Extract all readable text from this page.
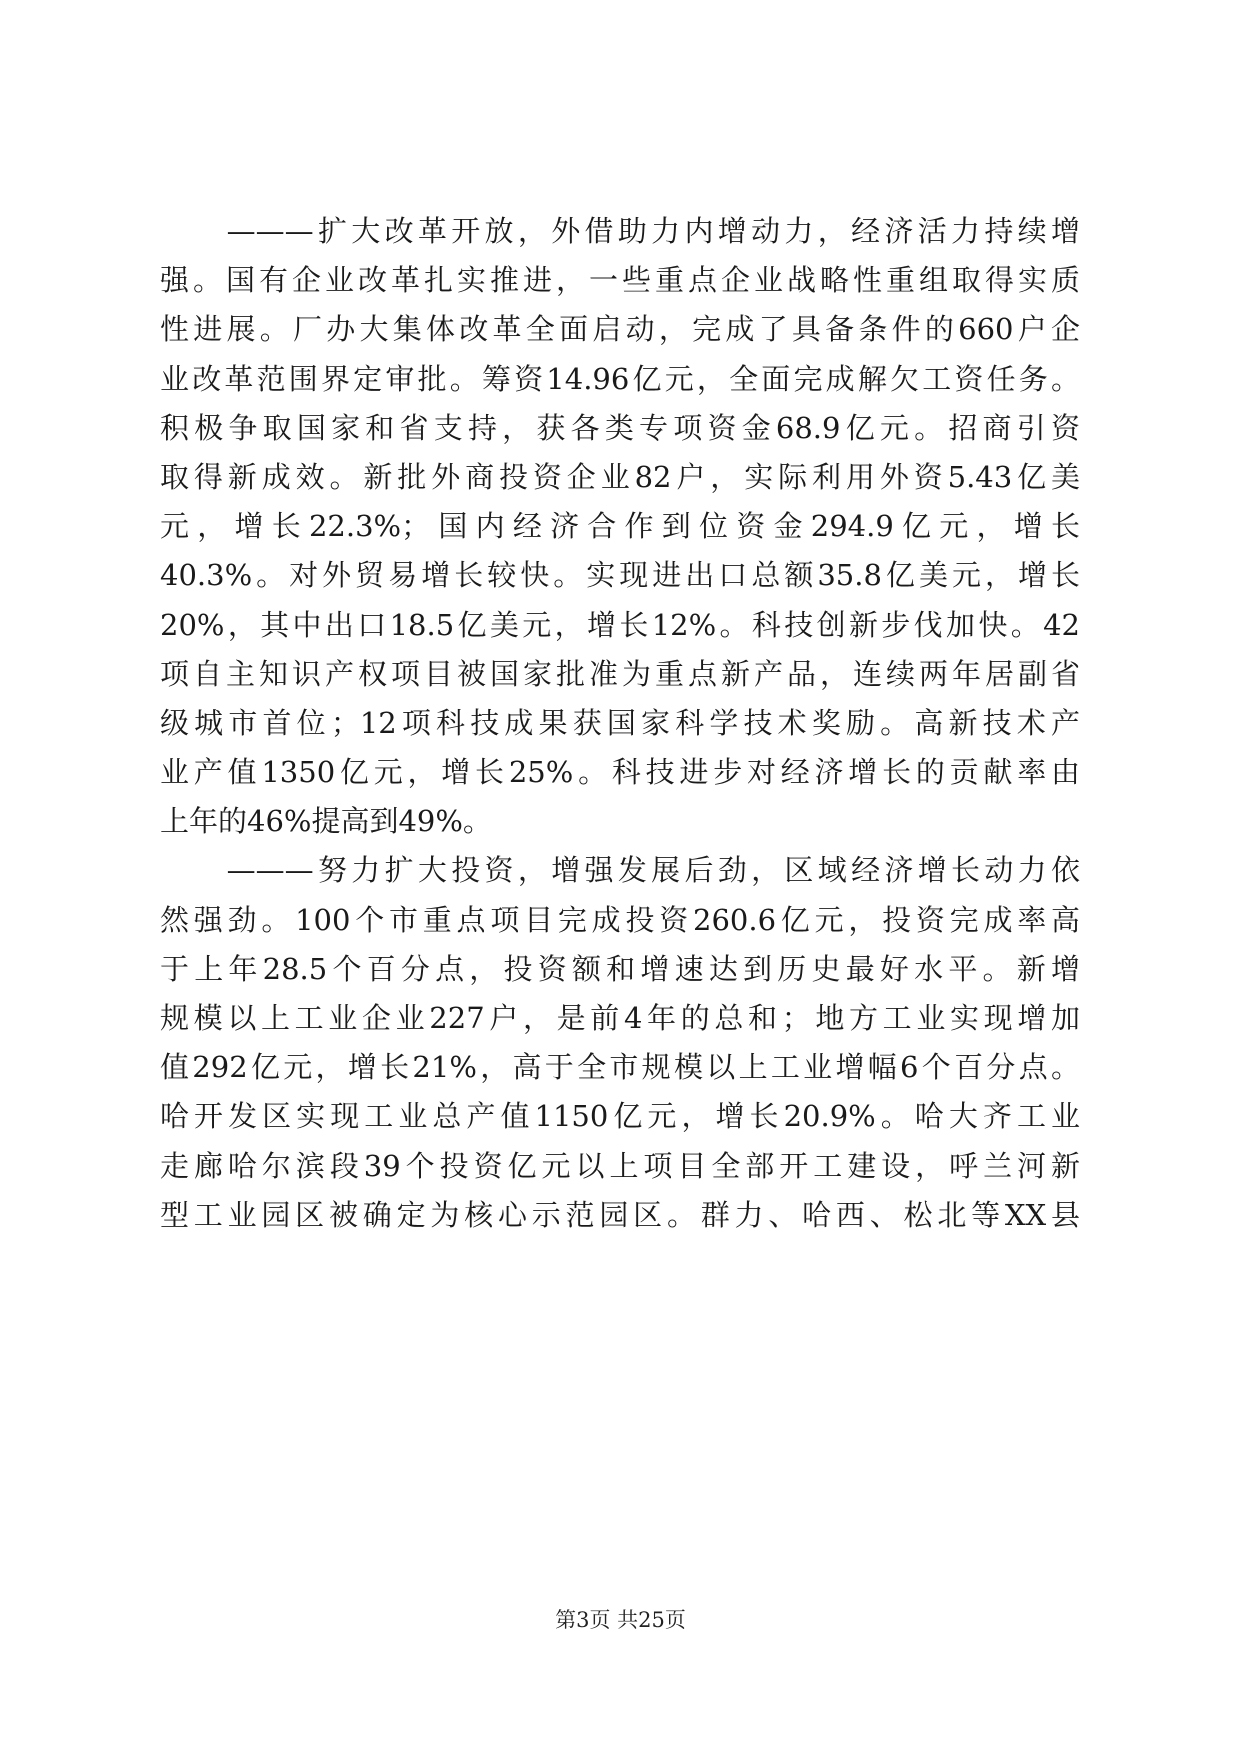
　　———扩大改革开放，外借助力内增动力，经济活力持续增
强。国有企业改革扎实推进，一些重点企业战略性重组取得实质
性进展。厂办大集体改革全面启动，完成了具备条件的660户企
业改革范围界定审批。筹资14.96亿元，全面完成解欠工资任务。
积极争取国家和省支持，获各类专项资金68.9亿元。招商引资
取得新成效。新批外商投资企业82户，实际利用外资5.43亿美
元，增长22.3%；国内经济合作到位资金294.9亿元，增长
40.3%。对外贸易增长较快。实现进出口总额35.8亿美元，增长
20%，其中出口18.5亿美元，增长12%。科技创新步伐加快。42
项自主知识产权项目被国家批准为重点新产品，连续两年居副省
级城市首位；12项科技成果获国家科学技术奖励。高新技术产
业产值1350亿元，增长25%。科技进步对经济增长的贡献率由
上年的46%提高到49%。
　　———努力扩大投资，增强发展后劲，区域经济增长动力依
然强劲。100个市重点项目完成投资260.6亿元，投资完成率高
于上年28.5个百分点，投资额和增速达到历史最好水平。新增
规模以上工业企业227户，是前4年的总和；地方工业实现增加
值292亿元，增长21%，高于全市规模以上工业增幅6个百分点。
哈开发区实现工业总产值1150亿元，增长20.9%。哈大齐工业
走廊哈尔滨段39个投资亿元以上项目全部开工建设，呼兰河新
型工业园区被确定为核心示范园区。群力、哈西、松北等XX县
第3页 共25页
